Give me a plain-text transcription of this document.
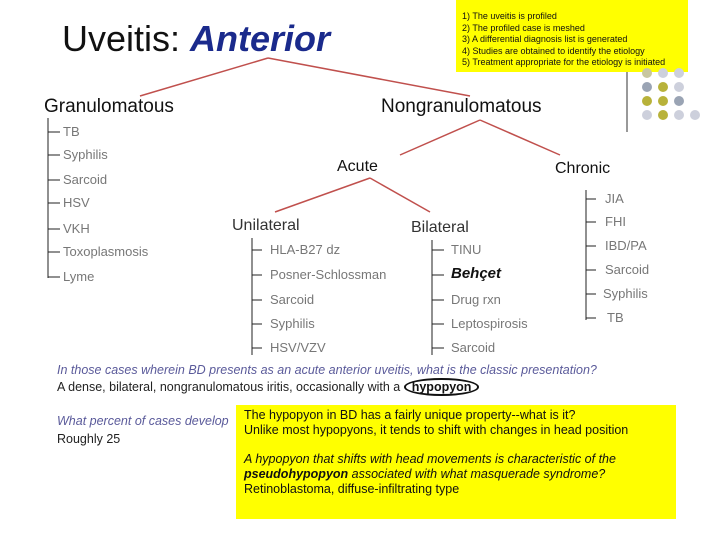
Uveitis: Anterior
1) The uveitis is profiled
2) The profiled case is meshed
3) A differential diagnosis list is generated
4) Studies are obtained to identify the etiology
5) Treatment appropriate for the etiology is initiated
Granulomatous	Nongranulomatous
TB
Syphilis
Sarcoid
HSV
VKH
Toxoplasmosis
Lyme
Acute	Chronic
Unilateral	Bilateral
HLA-B27 dz
Posner-Schlossman
Sarcoid
Syphilis
HSV/VZV
TINU
Behçet
Drug rxn
Leptospirosis
Sarcoid
JIA
FHI
IBD/PA
Sarcoid
Syphilis
TB
In those cases wherein BD presents as an acute anterior uveitis, what is the classic presentation?
A dense, bilateral, nongranulomatous iritis, occasionally with a hypopyon
What percent of cases develop
Roughly 25
The hypopyon in BD has a fairly unique property--what is it?
Unlike most hypopyons, it tends to shift with changes in head position
A hypopyon that shifts with head movements is characteristic of the
pseudohypopyon associated with what masquerade syndrome?
Retinoblastoma, diffuse-infiltrating type
